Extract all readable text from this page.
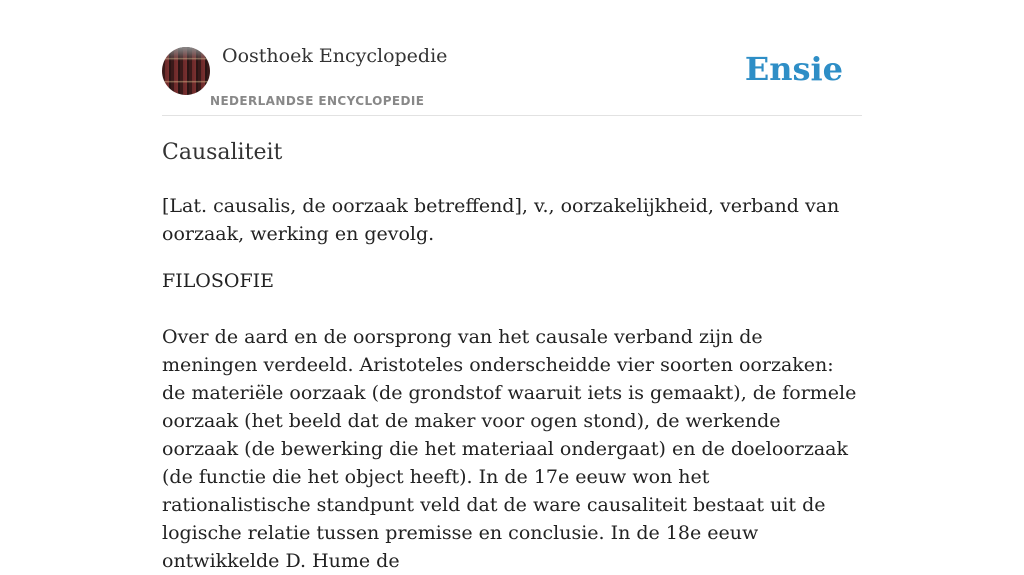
Oosthoek Encyclopedie
NEDERLANDSE ENCYCLOPEDIE
Ensie
Causaliteit

[Lat. causalis, de oorzaak betreffend], v., oorzakelijkheid, verband van oorzaak, werking en gevolg.

FILOSOFIE

Over de aard en de oorsprong van het causale verband zijn de meningen verdeeld. Aristoteles onderscheidde vier soorten oorzaken: de materiële oorzaak (de grondstof waaruit iets is gemaakt), de formele oorzaak (het beeld dat de maker voor ogen stond), de werkende oorzaak (de bewerking die het materiaal ondergaat) en de doeloorzaak (de functie die het object heeft). In de 17e eeuw won het rationalistische standpunt veld dat de ware causaliteit bestaat uit de logische relatie tussen premisse en conclusie. In de 18e eeuw ontwikkelde D. Hume de
